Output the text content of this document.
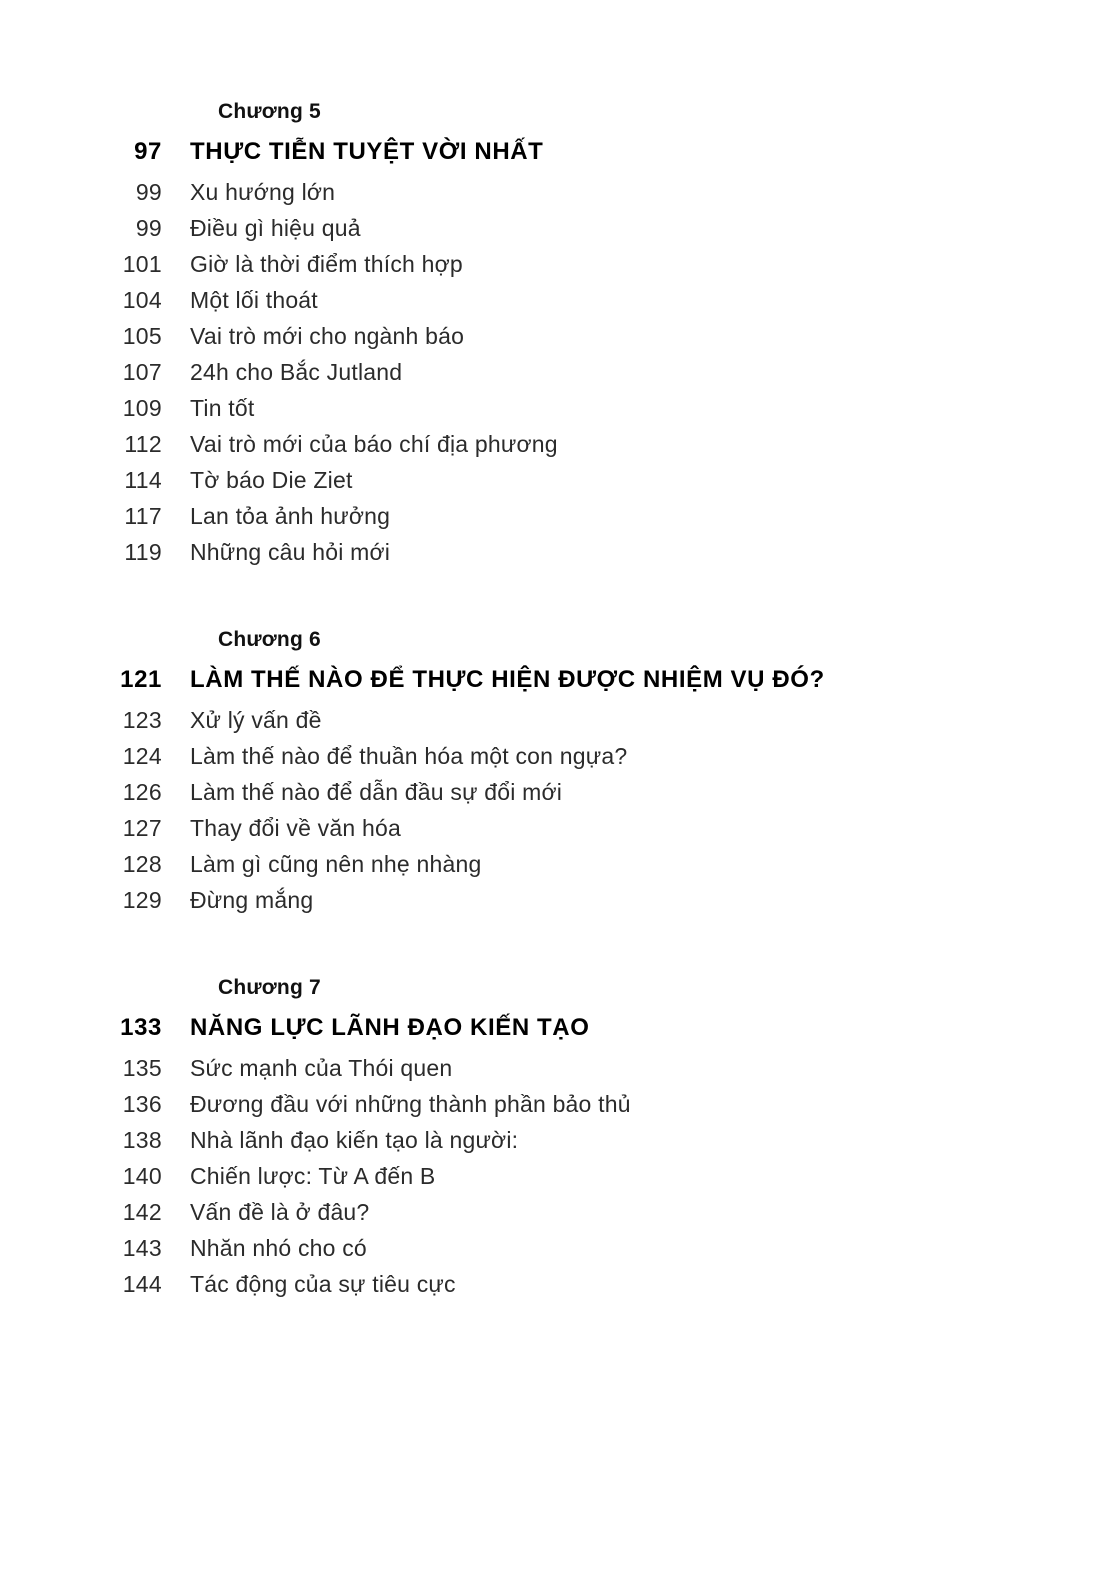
Chương 5
97	THỰC TIỄN TUYỆT VỜI NHẤT
99	Xu hướng lớn
99	Điều gì hiệu quả
101	Giờ là thời điểm thích hợp
104	Một lối thoát
105	Vai trò mới cho ngành báo
107	24h cho Bắc Jutland
109	Tin tốt
112	Vai trò mới của báo chí địa phương
114	Tờ báo Die Ziet
117	Lan tỏa ảnh hưởng
119	Những câu hỏi mới
Chương 6
121	LÀM THẾ NÀO ĐỂ THỰC HIỆN ĐƯỢC NHIỆM VỤ ĐÓ?
123	Xử lý vấn đề
124	Làm thế nào để thuần hóa một con ngựa?
126	Làm thế nào để dẫn đầu sự đổi mới
127	Thay đổi về văn hóa
128	Làm gì cũng nên nhẹ nhàng
129	Đừng mắng
Chương 7
133	NĂNG LỰC LÃNH ĐẠO KIẾN TẠO
135	Sức mạnh của Thói quen
136	Đương đầu với những thành phần bảo thủ
138	Nhà lãnh đạo kiến tạo là người:
140	Chiến lược: Từ A đến B
142	Vấn đề là ở đâu?
143	Nhăn nhó cho có
144	Tác động của sự tiêu cực
